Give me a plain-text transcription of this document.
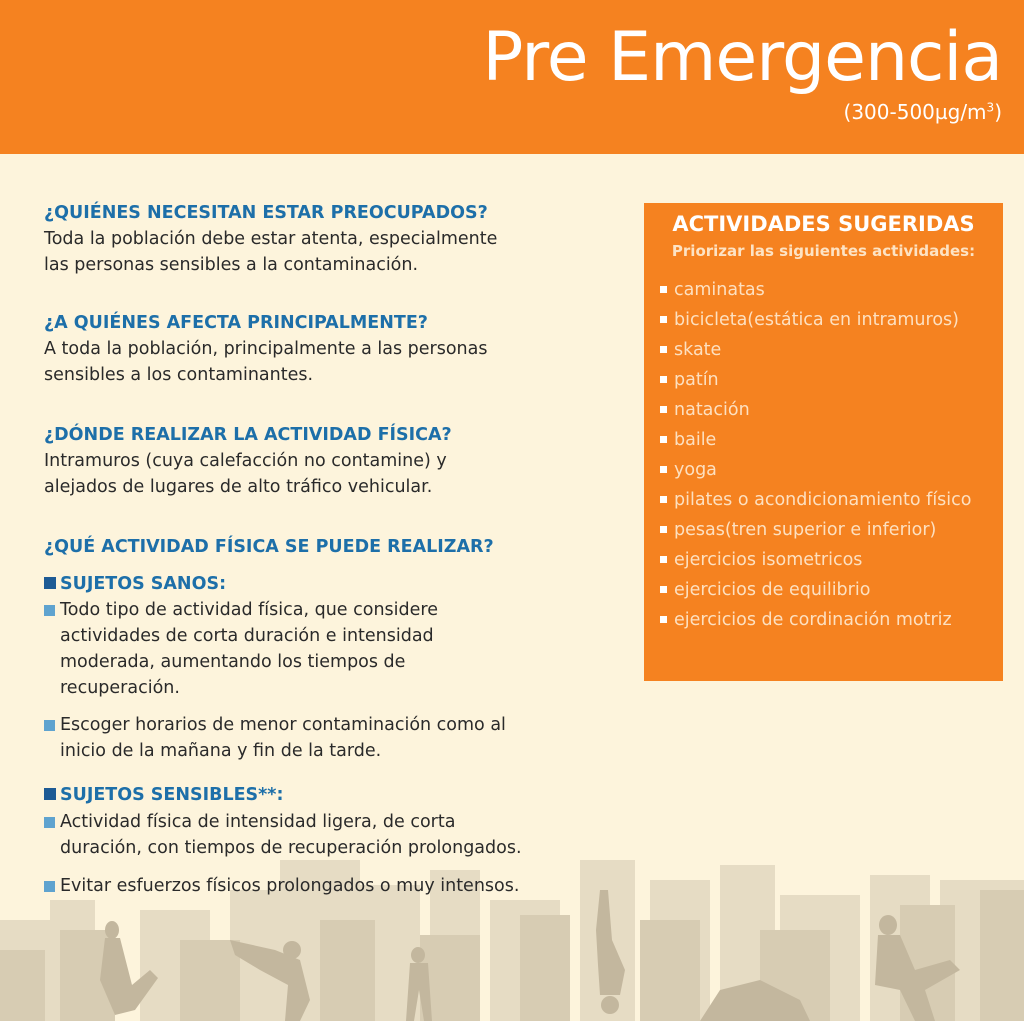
Pre Emergencia
$(300-500\mu g/m^3)$

¿QUIÉNES NECESITAN ESTAR PREOCUPADOS?

Toda la población debe estar atenta, especialmente
las personas sensibles a la contaminación.

¿A QUIÉNES AFECTA PRINCIPALMENTE?

A toda la población, principalmente a las personas
sensibles a los contaminantes.

¿DÓNDE REALIZAR LA ACTIVIDAD FÍSICA?

Intramuros (cuya calefacción no contamine) y
alejados de lugares de alto tráfico vehicular.

¿QUÉ ACTIVIDAD FÍSICA SE PUEDE REALIZAR?

SUJETOS SANOS:
Todo tipo de actividad física, que considere
actividades de corta duración e intensidad
moderada, aumentando los tiempos de
recuperación.
Escoger horarios de menor contaminación como al
inicio de la mañana y fin de la tarde.
SUJETOS SENSIBLES**:
Actividad física de intensidad ligera, de corta
duración, con tiempos de recuperación prolongados.
Evitar esfuerzos físicos prolongados o muy intensos.
ACTIVIDADES SUGERIDAS
Priorizar las siguientes actividades:
caminatas
bicicleta(estática en intramuros)
skate
patín
natación
baile
yoga
pilates o acondicionamiento físico
pesas(tren superior e inferior)
ejercicios isometricos
ejercicios de equilibrio
ejercicios de cordinación motriz
